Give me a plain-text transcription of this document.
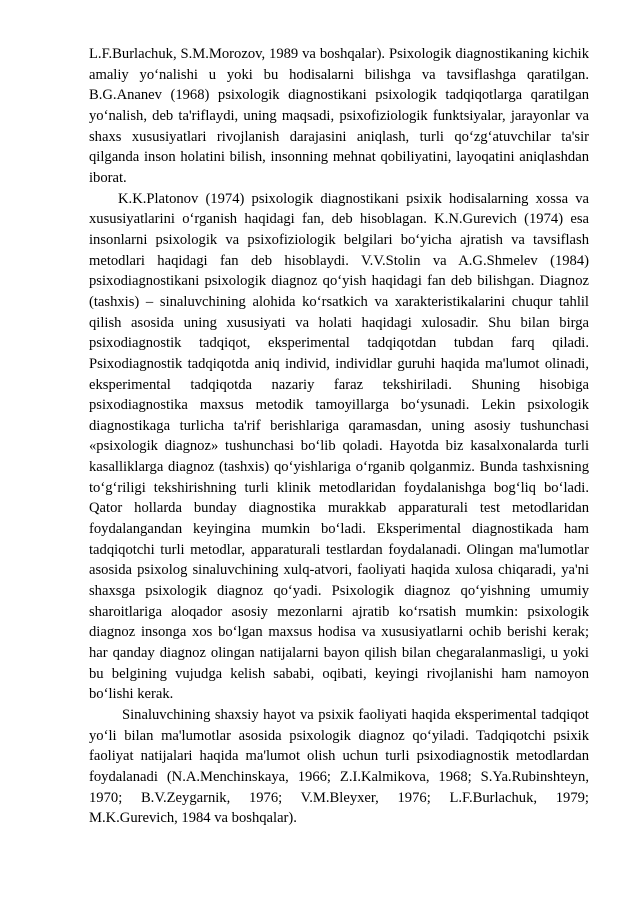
L.F.Burlachuk, S.M.Morozov, 1989 va boshqalar). Psixologik diagnostikaning kichik amaliy yo‘nalishi u yoki bu hodisalarni bilishga va tavsiflashga qaratilgan. B.G.Ananev (1968) psixologik diagnostikani psixologik tadqiqotlarga qaratilgan yo‘nalish, deb ta'riflaydi, uning maqsadi, psixofiziologik funktsiyalar, jarayonlar va shaxs xususiyatlari rivojlanish darajasini aniqlash, turli qo‘zg‘atuvchilar ta'sir qilganda inson holatini bilish, insonning mehnat qobiliyatini, layoqatini aniqlashdan iborat.

K.K.Platonov (1974) psixologik diagnostikani psixik hodisalarning xossa va xususiyatlarini o‘rganish haqidagi fan, deb hisoblagan. K.N.Gurevich (1974) esa insonlarni psixologik va psixofiziologik belgilari bo‘yicha ajratish va tavsiflash metodlari haqidagi fan deb hisoblaydi. V.V.Stolin va A.G.Shmelev (1984) psixodiagnostikani psixologik diagnoz qo‘yish haqidagi fan deb bilishgan. Diagnoz (tashxis) – sinaluvchining alohida ko‘rsatkich va xarakteristikalarini chuqur tahlil qilish asosida uning xususiyati va holati haqidagi xulosadir. Shu bilan birga psixodiagnostik tadqiqot, eksperimental tadqiqotdan tubdan farq qiladi. Psixodiagnostik tadqiqotda aniq individ, individlar guruhi haqida ma'lumot olinadi, eksperimental tadqiqotda nazariy faraz tekshiriladi. Shuning hisobiga psixodiagnostika maxsus metodik tamoyillarga bo‘ysunadi. Lekin psixologik diagnostikaga turlicha ta'rif berishlariga qaramasdan, uning asosiy tushunchasi «psixologik diagnoz» tushunchasi bo‘lib qoladi. Hayotda biz kasalxonalarda turli kasalliklarga diagnoz (tashxis) qo‘yishlariga o‘rganib qolganmiz. Bunda tashxisning to‘g‘riligi tekshirishning turli klinik metodlaridan foydalanishga bog‘liq bo‘ladi. Qator hollarda bunday diagnostika murakkab apparaturali test metodlaridan foydalangandan keyingina mumkin bo‘ladi. Eksperimental diagnostikada ham tadqiqotchi turli metodlar, apparaturali testlardan foydalanadi. Olingan ma'lumotlar asosida psixolog sinaluvchining xulq-atvori, faoliyati haqida xulosa chiqaradi, ya'ni shaxsga psixologik diagnoz qo‘yadi. Psixologik diagnoz qo‘yishning umumiy sharoitlariga aloqador asosiy mezonlarni ajratib ko‘rsatish mumkin: psixologik diagnoz insonga xos bo‘lgan maxsus hodisa va xususiyatlarni ochib berishi kerak; har qanday diagnoz olingan natijalarni bayon qilish bilan chegaralanmasligi, u yoki bu belgining vujudga kelish sababi, oqibati, keyingi rivojlanishi ham namoyon bo‘lishi kerak.

Sinaluvchining shaxsiy hayot va psixik faoliyati haqida eksperimental tadqiqot yo‘li bilan ma'lumotlar asosida psixologik diagnoz qo‘yiladi. Tadqiqotchi psixik faoliyat natijalari haqida ma'lumot olish uchun turli psixodiagnostik metodlardan foydalanadi (N.A.Menchinskaya, 1966; Z.I.Kalmikova, 1968; S.Ya.Rubinshteyn, 1970; B.V.Zeygarnik, 1976; V.M.Bleyxer, 1976; L.F.Burlachuk, 1979; M.K.Gurevich, 1984 va boshqalar).
